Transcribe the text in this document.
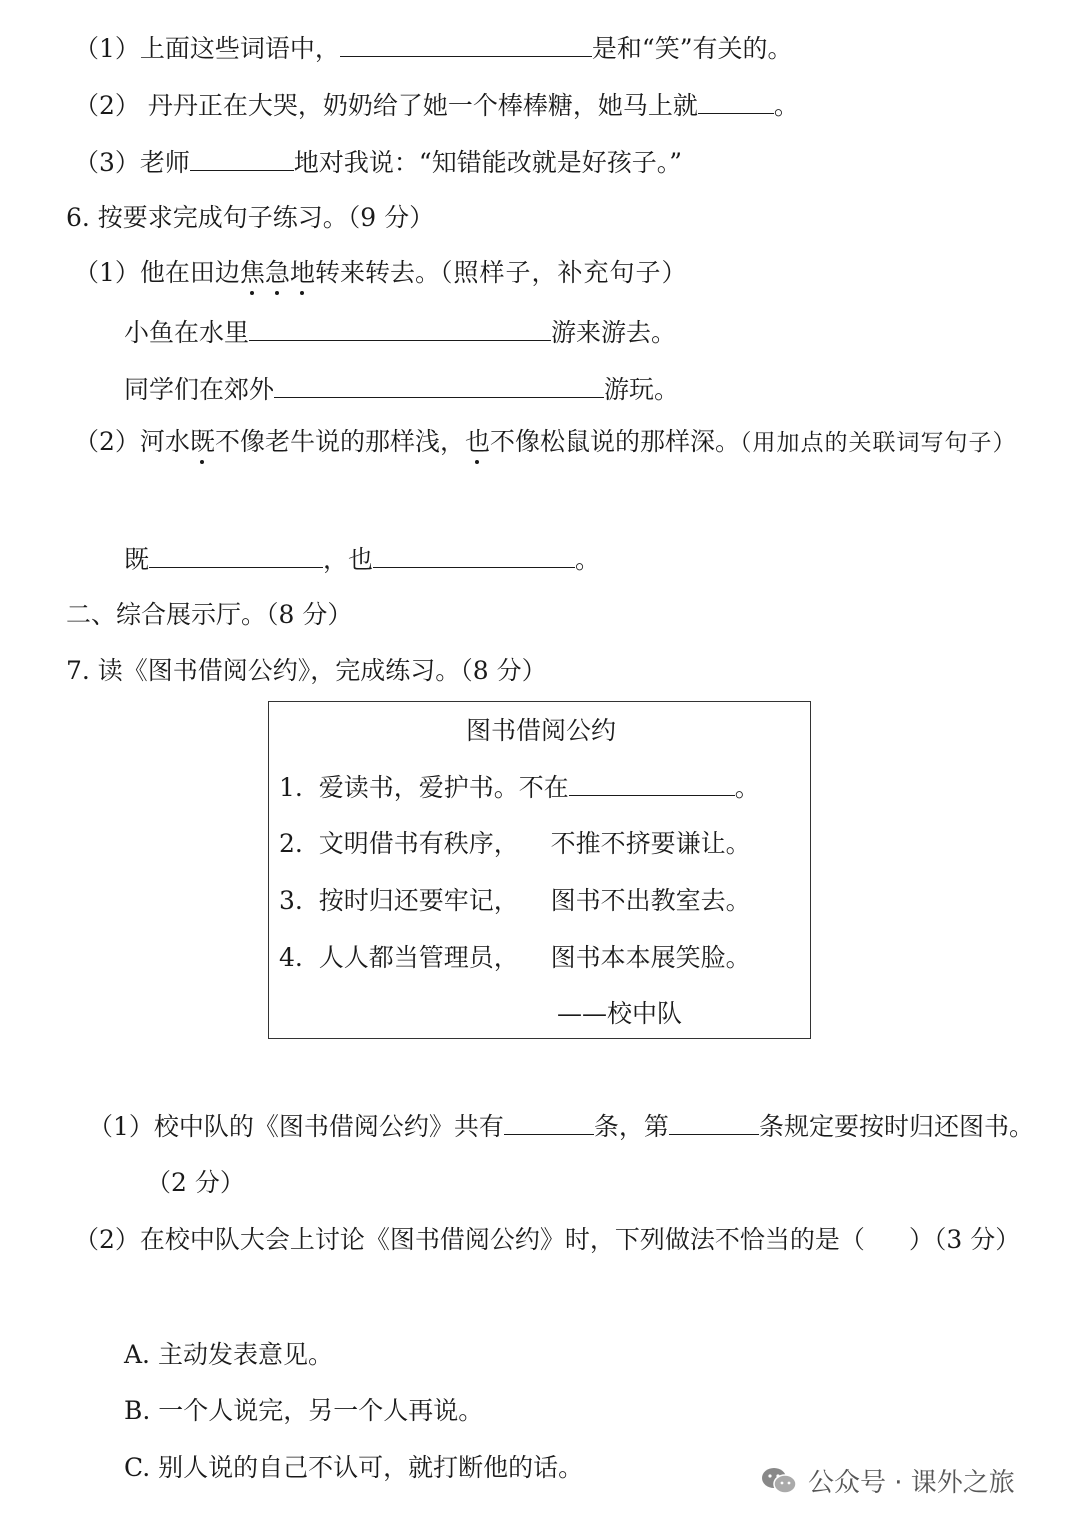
（1）上面这些词语中，	是和“笑”有关的。
（2） 丹丹正在大哭，奶奶给了她一个棒棒糖，她马上就	。
（3）老师	地对我说：“知错能改就是好孩子。”
6. 按要求完成句子练习。（9 分）
（1）他在田边焦急地转来转去。（照样子，补充句子）
小鱼在水里	游来游去。
同学们在郊外	游玩。
（2）河水既不像老牛说的那样浅，也不像松鼠说的那样深。（用加点的关联词写句子）
既	，也	。
二、综合展示厅。（8 分）
7. 读《图书借阅公约》，完成练习。（8 分）
图书借阅公约
1. 爱读书，爱护书。不在	。
2. 文明借书有秩序， 不推不挤要谦让。
3. 按时归还要牢记， 图书不出教室去。
4. 人人都当管理员， 图书本本展笑脸。
——校中队
（1）校中队的《图书借阅公约》共有	条，第	条规定要按时归还图书。
（2 分）
（2）在校中队大会上讨论《图书借阅公约》时，下列做法不恰当的是（ ）（3 分）
A. 主动发表意见。
B. 一个人说完，另一个人再说。
C. 别人说的自己不认可，就打断他的话。
公众号 · 课外之旅
